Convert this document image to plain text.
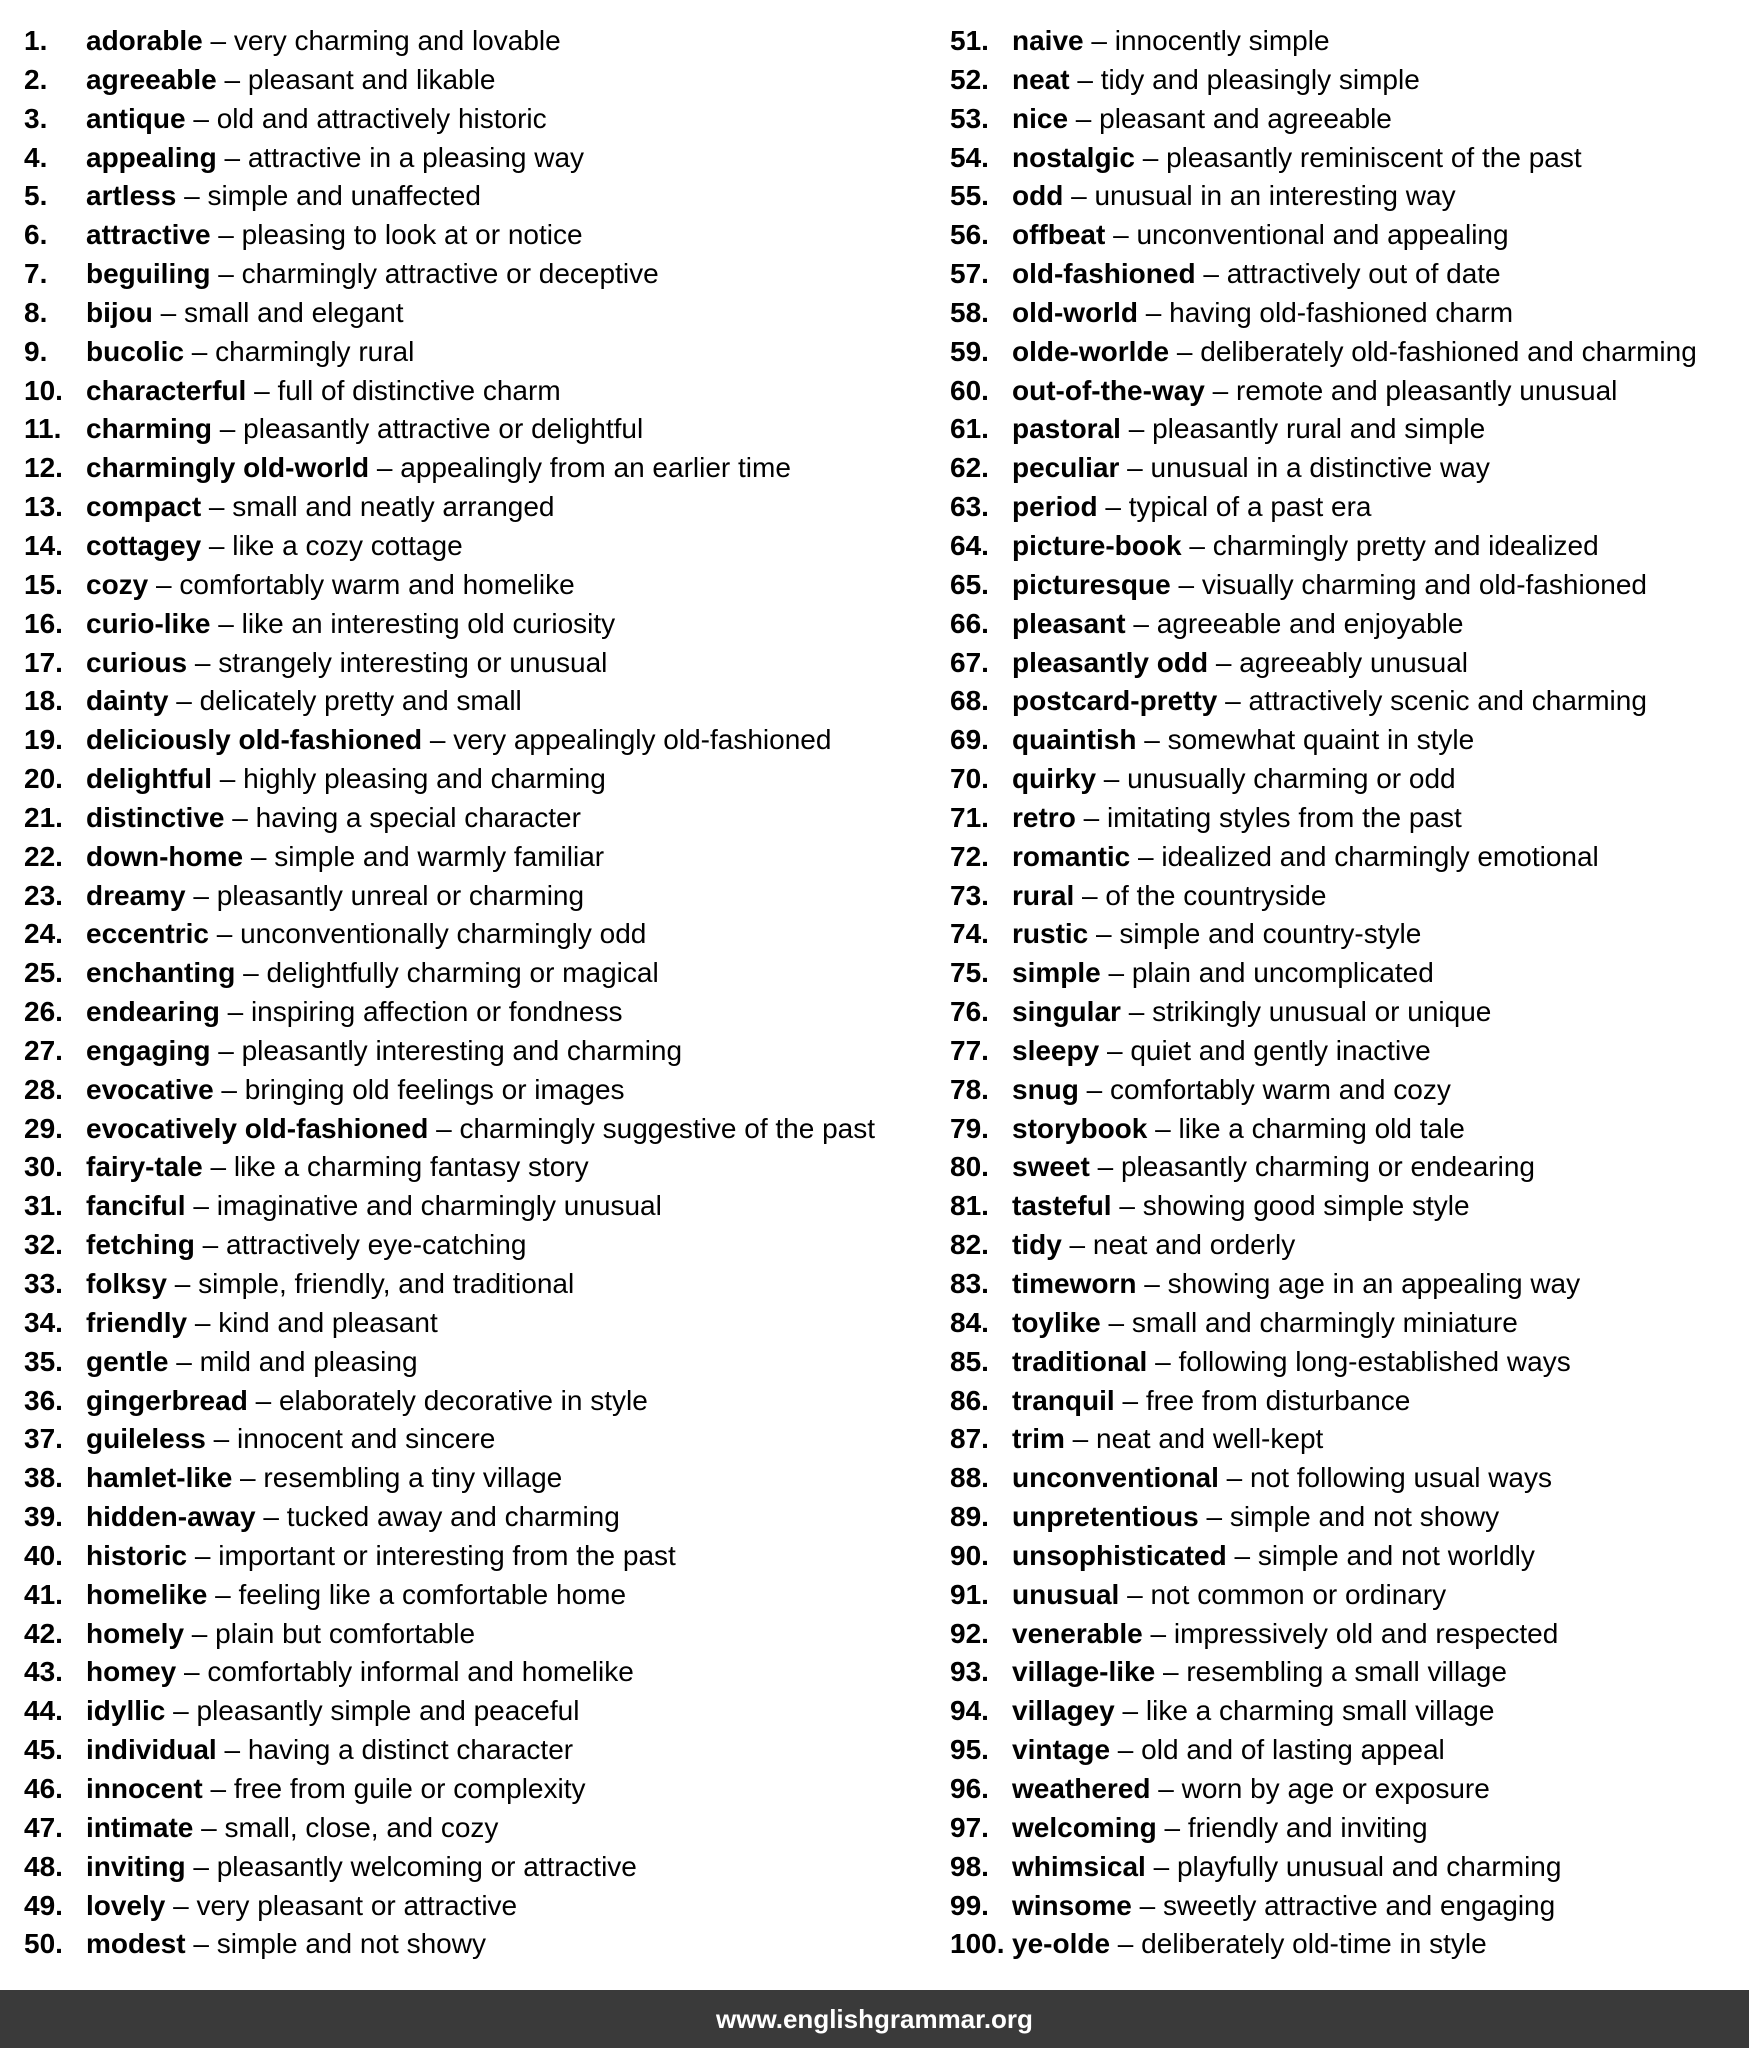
1.	adorable – very charming and lovable
2.	agreeable – pleasant and likable
3.	antique – old and attractively historic
4.	appealing – attractive in a pleasing way
5.	artless – simple and unaffected
6.	attractive – pleasing to look at or notice
7.	beguiling – charmingly attractive or deceptive
8.	bijou – small and elegant
9.	bucolic – charmingly rural
10. characterful – full of distinctive charm
11. charming – pleasantly attractive or delightful
12. charmingly old-world – appealingly from an earlier time
13. compact – small and neatly arranged
14. cottagey – like a cozy cottage
15. cozy – comfortably warm and homelike
16. curio-like – like an interesting old curiosity
17. curious – strangely interesting or unusual
18. dainty – delicately pretty and small
19. deliciously old-fashioned – very appealingly old-fashioned
20. delightful – highly pleasing and charming
21. distinctive – having a special character
22. down-home – simple and warmly familiar
23. dreamy – pleasantly unreal or charming
24. eccentric – unconventionally charmingly odd
25. enchanting – delightfully charming or magical
26. endearing – inspiring affection or fondness
27. engaging – pleasantly interesting and charming
28. evocative – bringing old feelings or images
29. evocatively old-fashioned – charmingly suggestive of the past
30. fairy-tale – like a charming fantasy story
31. fanciful – imaginative and charmingly unusual
32. fetching – attractively eye-catching
33. folksy – simple, friendly, and traditional
34. friendly – kind and pleasant
35. gentle – mild and pleasing
36. gingerbread – elaborately decorative in style
37. guileless – innocent and sincere
38. hamlet-like – resembling a tiny village
39. hidden-away – tucked away and charming
40. historic – important or interesting from the past
41. homelike – feeling like a comfortable home
42. homely – plain but comfortable
43. homey – comfortably informal and homelike
44. idyllic – pleasantly simple and peaceful
45. individual – having a distinct character
46. innocent – free from guile or complexity
47. intimate – small, close, and cozy
48. inviting – pleasantly welcoming or attractive
49. lovely – very pleasant or attractive
50. modest – simple and not showy
51. naive – innocently simple
52. neat – tidy and pleasingly simple
53. nice – pleasant and agreeable
54. nostalgic – pleasantly reminiscent of the past
55. odd – unusual in an interesting way
56. offbeat – unconventional and appealing
57. old-fashioned – attractively out of date
58. old-world – having old-fashioned charm
59. olde-worlde – deliberately old-fashioned and charming
60. out-of-the-way – remote and pleasantly unusual
61. pastoral – pleasantly rural and simple
62. peculiar – unusual in a distinctive way
63. period – typical of a past era
64. picture-book – charmingly pretty and idealized
65. picturesque – visually charming and old-fashioned
66. pleasant – agreeable and enjoyable
67. pleasantly odd – agreeably unusual
68. postcard-pretty – attractively scenic and charming
69. quaintish – somewhat quaint in style
70. quirky – unusually charming or odd
71. retro – imitating styles from the past
72. romantic – idealized and charmingly emotional
73. rural – of the countryside
74. rustic – simple and country-style
75. simple – plain and uncomplicated
76. singular – strikingly unusual or unique
77. sleepy – quiet and gently inactive
78. snug – comfortably warm and cozy
79. storybook – like a charming old tale
80. sweet – pleasantly charming or endearing
81. tasteful – showing good simple style
82. tidy – neat and orderly
83. timeworn – showing age in an appealing way
84. toylike – small and charmingly miniature
85. traditional – following long-established ways
86. tranquil – free from disturbance
87. trim – neat and well-kept
88. unconventional – not following usual ways
89. unpretentious – simple and not showy
90. unsophisticated – simple and not worldly
91. unusual – not common or ordinary
92. venerable – impressively old and respected
93. village-like – resembling a small village
94. villagey – like a charming small village
95. vintage – old and of lasting appeal
96. weathered – worn by age or exposure
97. welcoming – friendly and inviting
98. whimsical – playfully unusual and charming
99. winsome – sweetly attractive and engaging
100. ye-olde – deliberately old-time in style
www.englishgrammar.org
